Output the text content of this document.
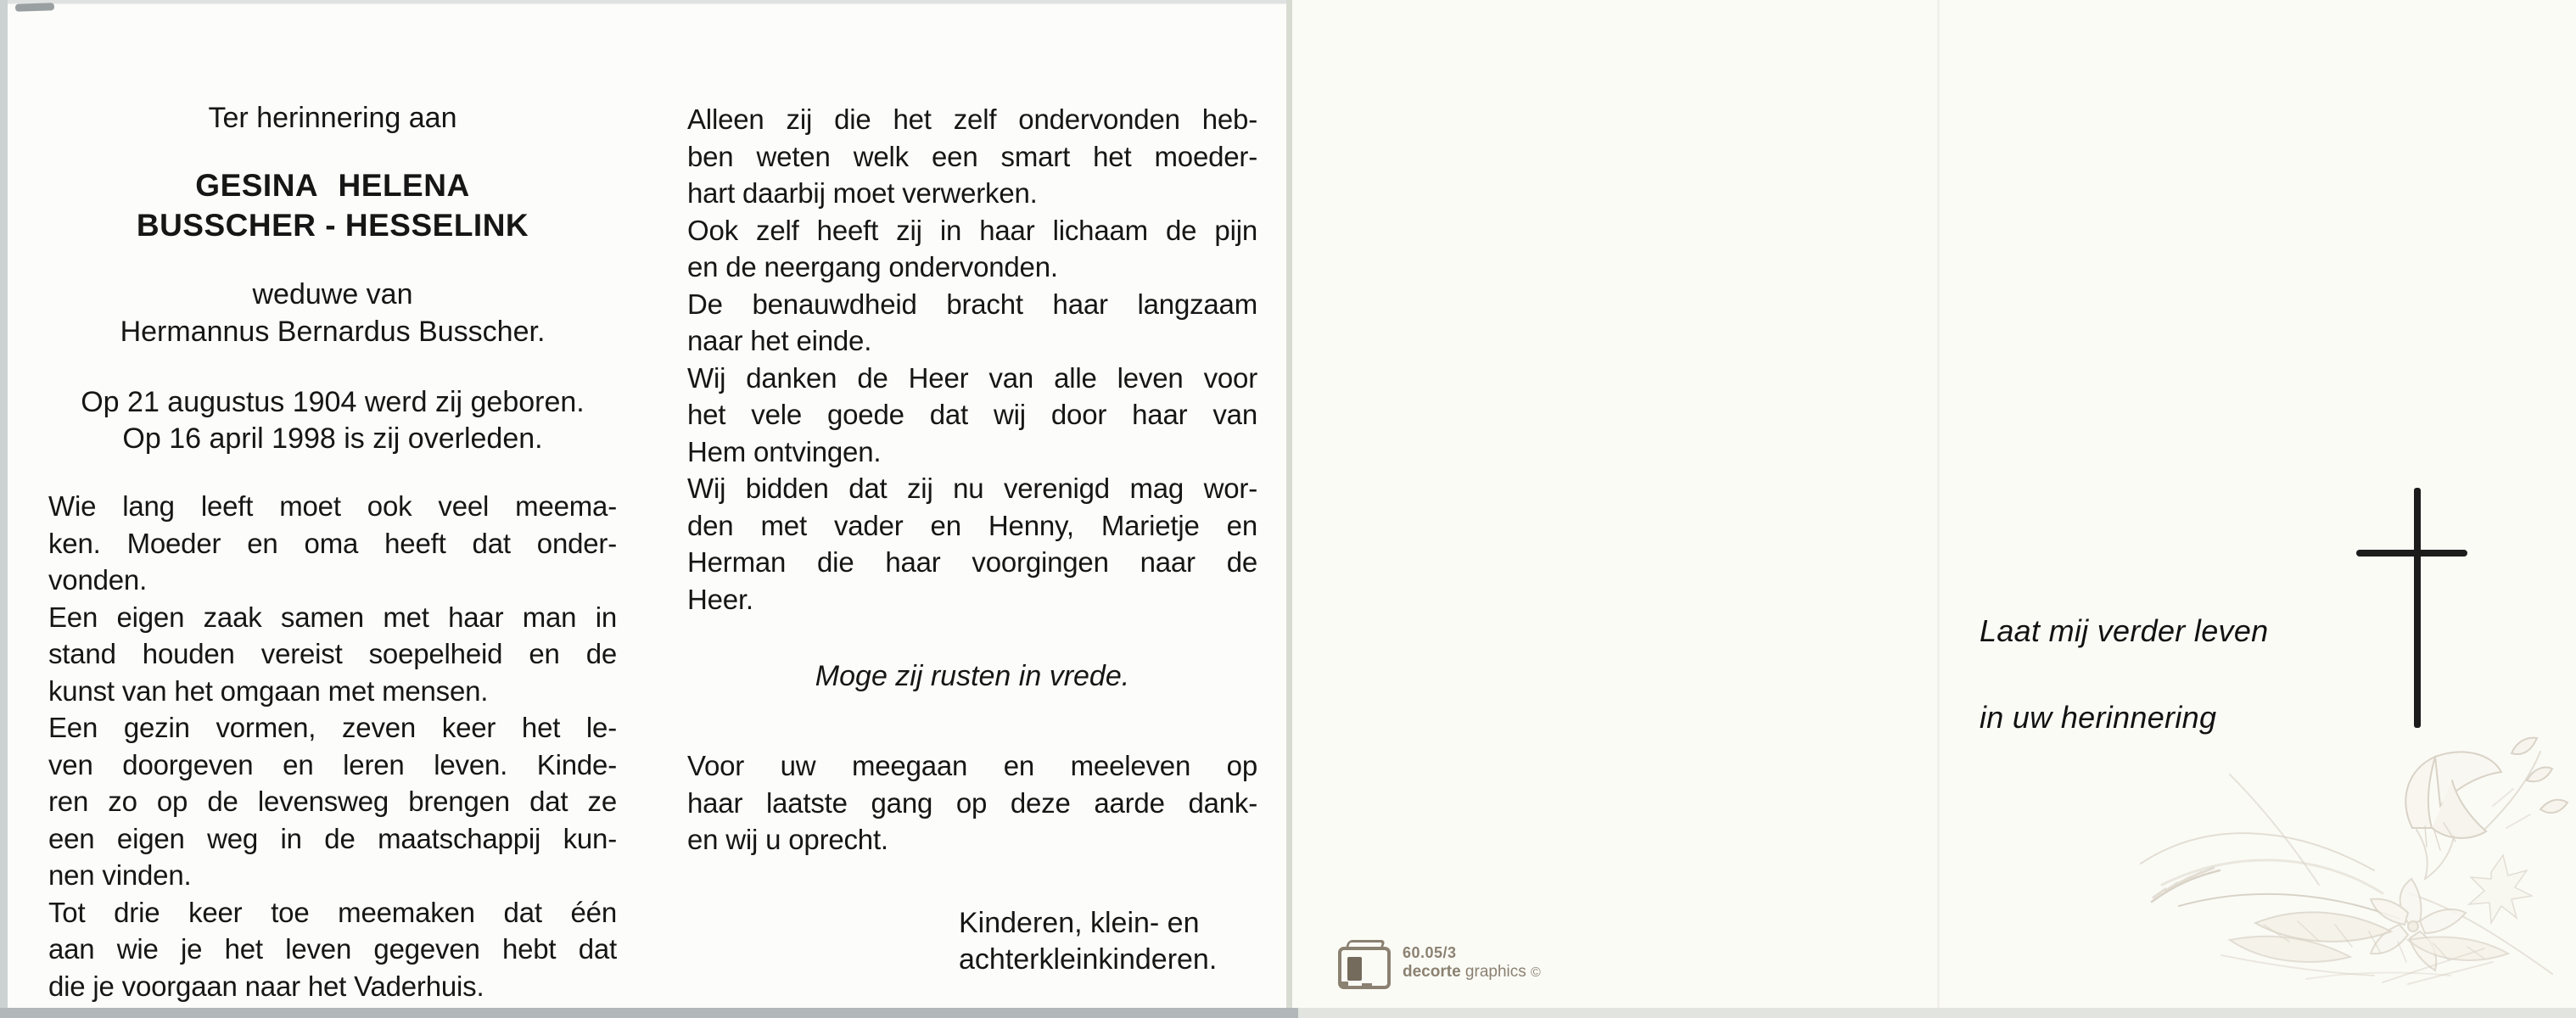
Laat mij verder leven
in uw herinnering
60.05/3
decorte graphics ©
Ter herinnering aan
GESINA HELENA
BUSSCHER - HESSELINK
weduwe van
Hermannus Bernardus Busscher.
Op 21 augustus 1904 werd zij geboren.
Op 16 april 1998 is zij overleden.
Wie lang leeft moet ook veel meema-
ken. Moeder en oma heeft dat onder-
vonden.
Een eigen zaak samen met haar man in
stand houden vereist soepelheid en de
kunst van het omgaan met mensen.
Een gezin vormen, zeven keer het le-
ven doorgeven en leren leven. Kinde-
ren zo op de levensweg brengen dat ze
een eigen weg in de maatschappij kun-
nen vinden.
Tot drie keer toe meemaken dat één
aan wie je het leven gegeven hebt dat
die je voorgaan naar het Vaderhuis.
Alleen zij die het zelf ondervonden heb-
ben weten welk een smart het moeder-
hart daarbij moet verwerken.
Ook zelf heeft zij in haar lichaam de pijn
en de neergang ondervonden.
De benauwdheid bracht haar langzaam
naar het einde.
Wij danken de Heer van alle leven voor
het vele goede dat wij door haar van
Hem ontvingen.
Wij bidden dat zij nu verenigd mag wor-
den met vader en Henny, Marietje en
Herman die haar voorgingen naar de
Heer.
Moge zij rusten in vrede.
Voor uw meegaan en meeleven op
haar laatste gang op deze aarde dank-
en wij u oprecht.
Kinderen, klein- en
achterkleinkinderen.
